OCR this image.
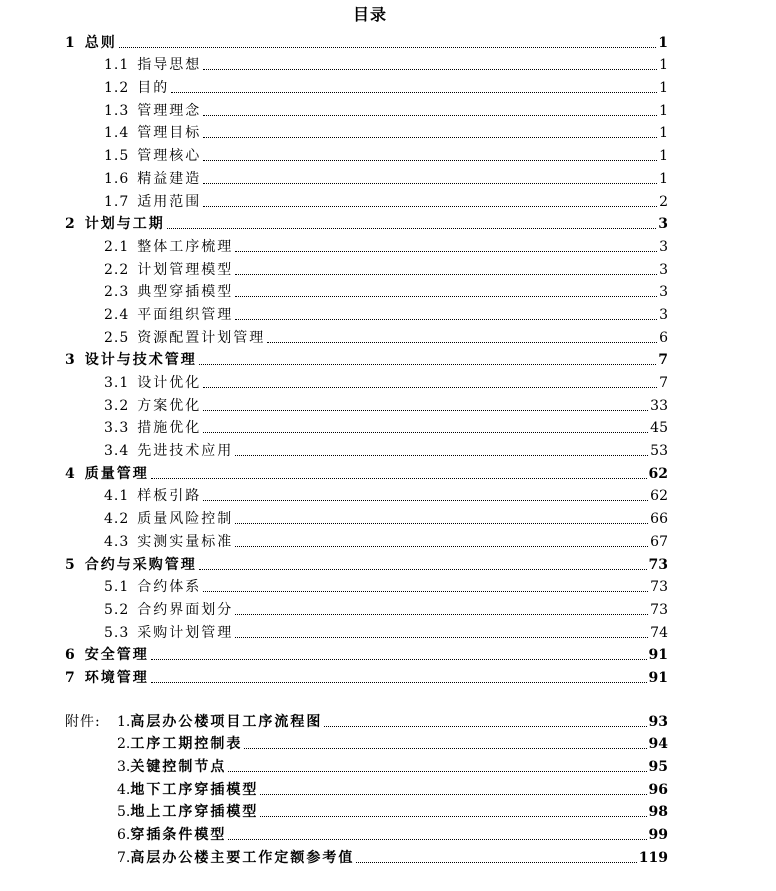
目录
1 总则	1
1.1 指导思想	1
1.2 目的	1
1.3 管理理念	1
1.4 管理目标	1
1.5 管理核心	1
1.6 精益建造	1
1.7 适用范围	2
2 计划与工期	3
2.1 整体工序梳理	3
2.2 计划管理模型	3
2.3 典型穿插模型	3
2.4 平面组织管理	3
2.5 资源配置计划管理	6
3 设计与技术管理	7
3.1 设计优化	7
3.2 方案优化	33
3.3 措施优化	45
3.4 先进技术应用	53
4 质量管理	62
4.1 样板引路	62
4.2 质量风险控制	66
4.3 实测实量标准	67
5 合约与采购管理	73
5.1 合约体系	73
5.2 合约界面划分	73
5.3 采购计划管理	74
6 安全管理	91
7 环境管理	91
附件:	1. 高层办公楼项目工序流程图	93
2. 工序工期控制表	94
3. 关键控制节点	95
4. 地下工序穿插模型	96
5. 地上工序穿插模型	98
6. 穿插条件模型	99
7. 高层办公楼主要工作定额参考值	119
